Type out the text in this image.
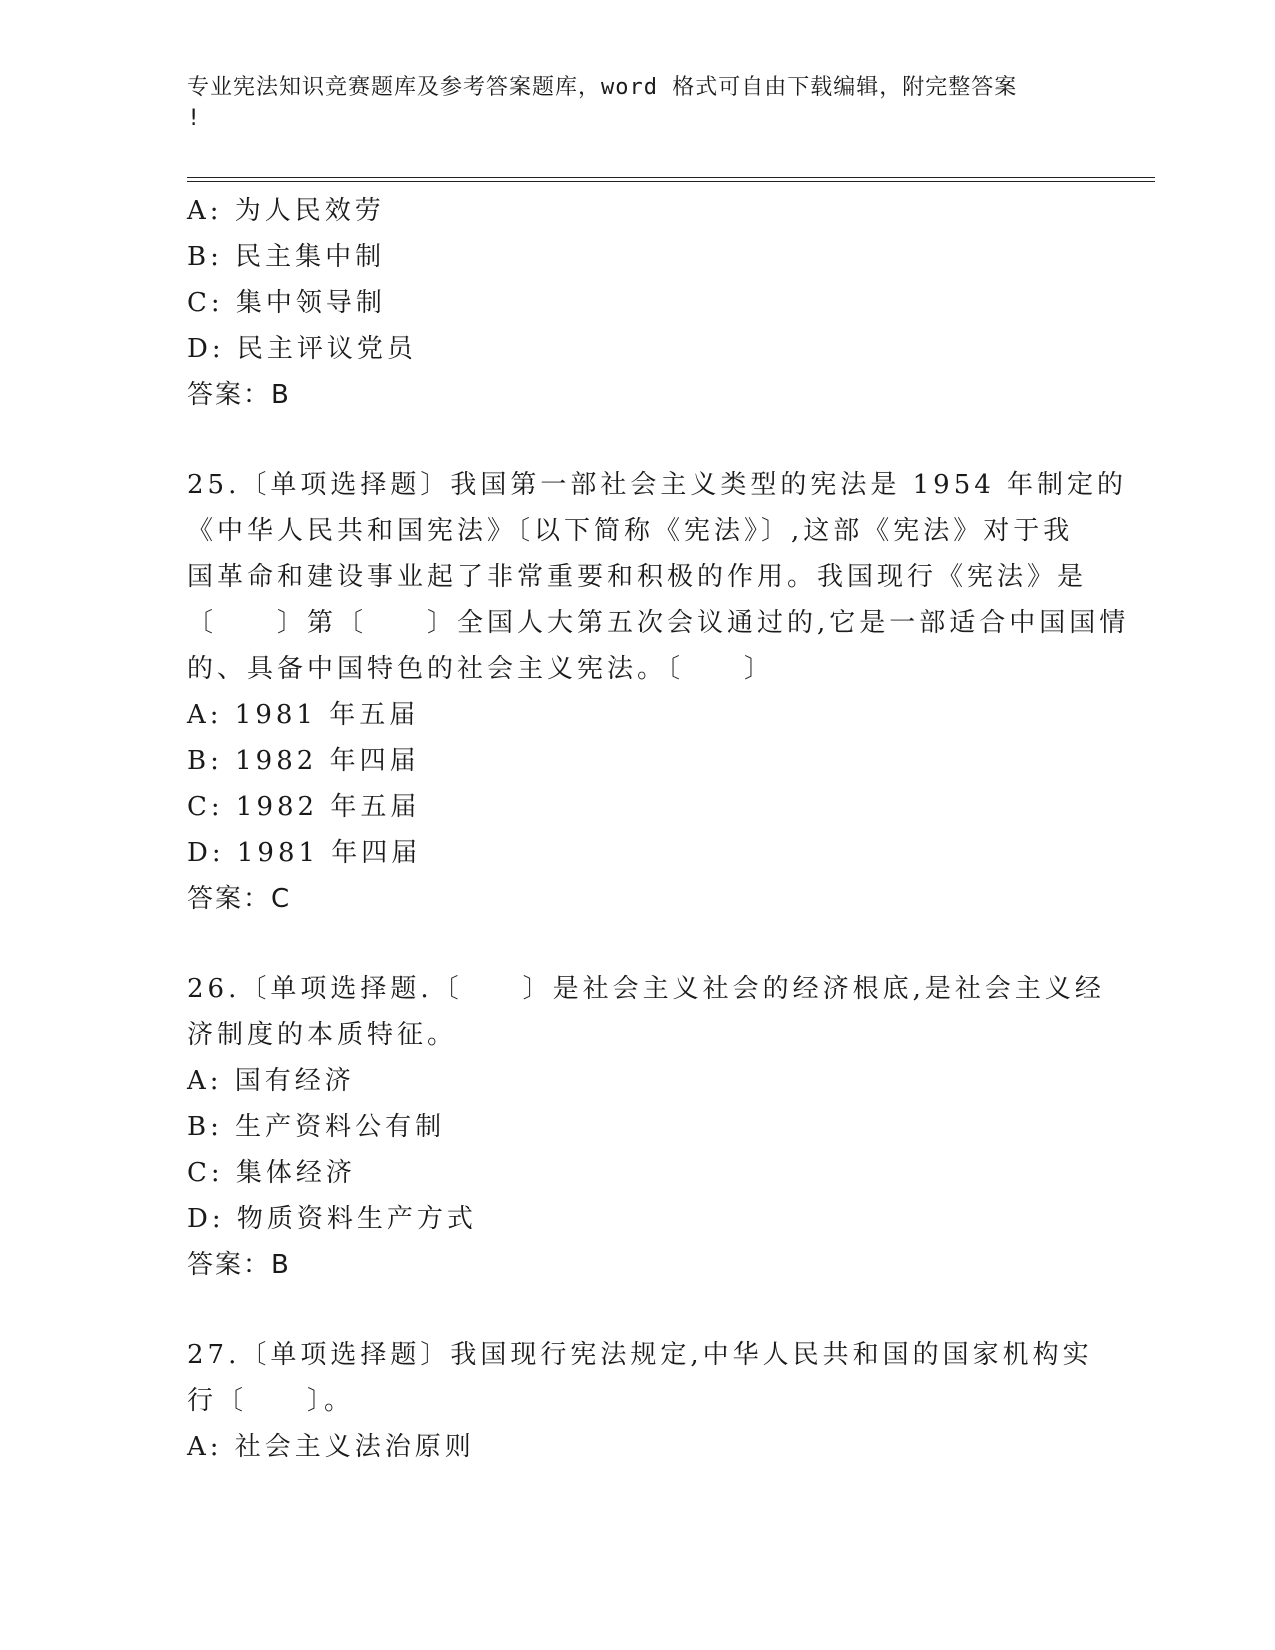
专业宪法知识竞赛题库及参考答案题库，word 格式可自由下载编辑，附完整答案
!
A: 为人民效劳
B: 民主集中制
C: 集中领导制
D: 民主评议党员
答案：B
25.〔单项选择题〕我国第一部社会主义类型的宪法是 1954 年制定的
《中华人民共和国宪法》〔以下简称《宪法》〕,这部《宪法》对于我
国革命和建设事业起了非常重要和积极的作用。我国现行《宪法》是
〔　　〕第〔　　〕全国人大第五次会议通过的,它是一部适合中国国情
的、具备中国特色的社会主义宪法。〔　　〕
A: 1981 年五届
B: 1982 年四届
C: 1982 年五届
D: 1981 年四届
答案：C
26.〔单项选择题.〔　　〕是社会主义社会的经济根底,是社会主义经
济制度的本质特征。
A: 国有经济
B: 生产资料公有制
C: 集体经济
D: 物质资料生产方式
答案：B
27.〔单项选择题〕我国现行宪法规定,中华人民共和国的国家机构实
行〔　　〕。
A: 社会主义法治原则
